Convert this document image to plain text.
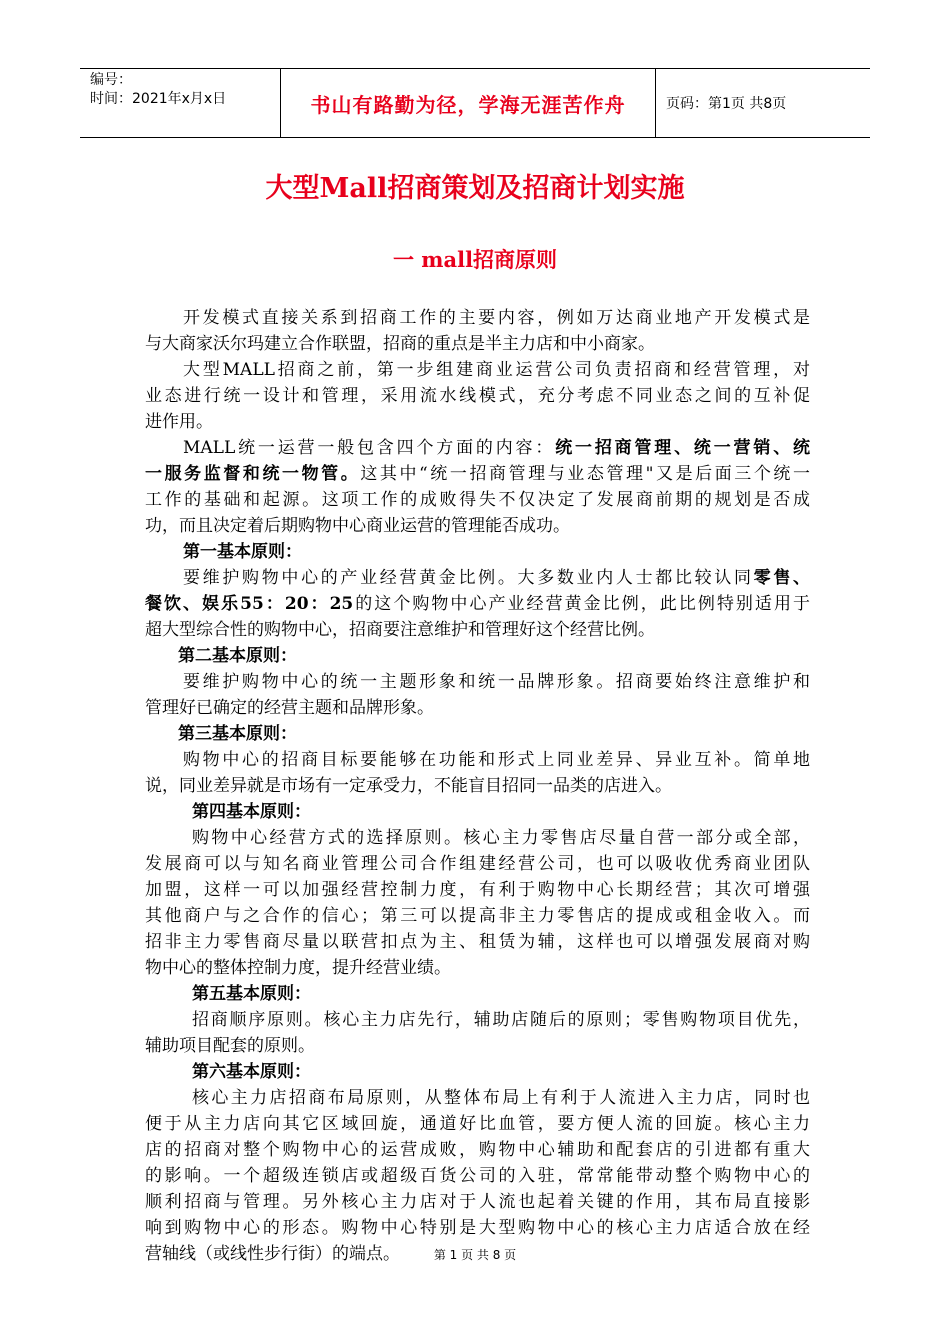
编号：
时间：2021年x月x日	书山有路勤为径，学海无涯苦作舟	页码：第1页 共8页
大型Mall招商策划及招商计划实施
一 mall招商原则
开发模式直接关系到招商工作的主要内容，例如万达商业地产开发模式是
与大商家沃尔玛建立合作联盟，招商的重点是半主力店和中小商家。
大型MALL招商之前，第一步组建商业运营公司负责招商和经营管理，对
业态进行统一设计和管理，采用流水线模式，充分考虑不同业态之间的互补促
进作用。
MALL统一运营一般包含四个方面的内容：统一招商管理、统一营销、统
一服务监督和统一物管。这其中“统一招商管理与业态管理"又是后面三个统一
工作的基础和起源。这项工作的成败得失不仅决定了发展商前期的规划是否成
功，而且决定着后期购物中心商业运营的管理能否成功。
第一基本原则：
要维护购物中心的产业经营黄金比例。大多数业内人士都比较认同零售、
餐饮、娱乐55：20：25的这个购物中心产业经营黄金比例，此比例特别适用于
超大型综合性的购物中心，招商要注意维护和管理好这个经营比例。
第二基本原则：
要维护购物中心的统一主题形象和统一品牌形象。招商要始终注意维护和
管理好已确定的经营主题和品牌形象。
第三基本原则：
购物中心的招商目标要能够在功能和形式上同业差异、异业互补。简单地
说，同业差异就是市场有一定承受力，不能盲目招同一品类的店进入。
第四基本原则：
购物中心经营方式的选择原则。核心主力零售店尽量自营一部分或全部，
发展商可以与知名商业管理公司合作组建经营公司，也可以吸收优秀商业团队
加盟，这样一可以加强经营控制力度，有利于购物中心长期经营；其次可增强
其他商户与之合作的信心；第三可以提高非主力零售店的提成或租金收入。而
招非主力零售商尽量以联营扣点为主、租赁为辅，这样也可以增强发展商对购
物中心的整体控制力度，提升经营业绩。
第五基本原则：
招商顺序原则。核心主力店先行，辅助店随后的原则；零售购物项目优先，
辅助项目配套的原则。
第六基本原则：
核心主力店招商布局原则，从整体布局上有利于人流进入主力店，同时也
便于从主力店向其它区域回旋，通道好比血管，要方便人流的回旋。核心主力
店的招商对整个购物中心的运营成败，购物中心辅助和配套店的引进都有重大
的影响。一个超级连锁店或超级百货公司的入驻，常常能带动整个购物中心的
顺利招商与管理。另外核心主力店对于人流也起着关键的作用，其布局直接影
响到购物中心的形态。购物中心特别是大型购物中心的核心主力店适合放在经
营轴线（或线性步行街）的端点。	第 1 页 共 8 页
